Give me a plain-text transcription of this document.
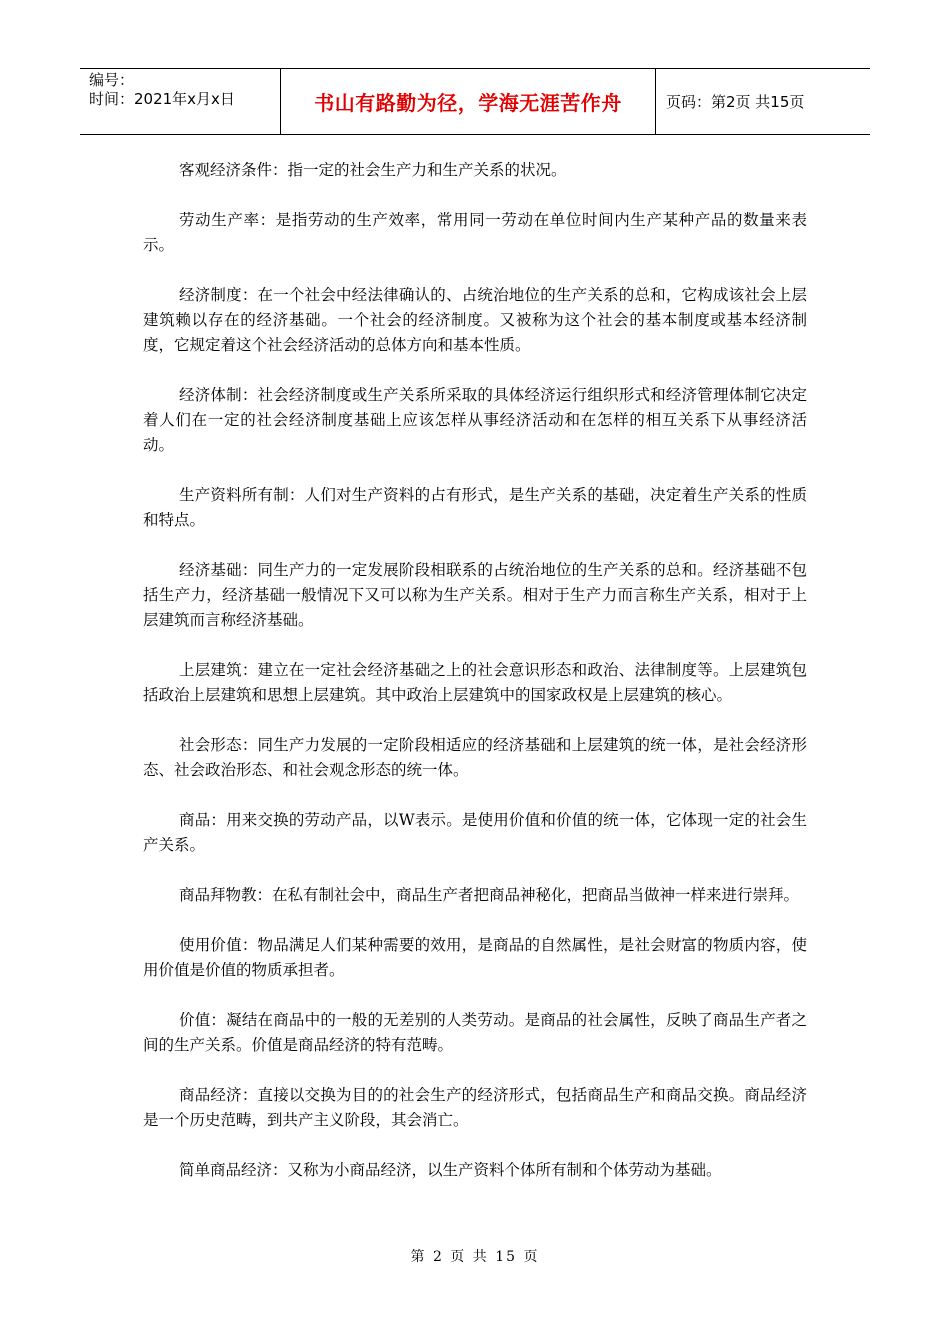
编号：
时间：2021年x月x日	书山有路勤为径，学海无涯苦作舟	页码：第2页 共15页

客观经济条件：指一定的社会生产力和生产关系的状况。

劳动生产率：是指劳动的生产效率，常用同一劳动在单位时间内生产某种产品的数量来表示。

经济制度：在一个社会中经法律确认的、占统治地位的生产关系的总和，它构成该社会上层建筑赖以存在的经济基础。一个社会的经济制度。又被称为这个社会的基本制度或基本经济制度，它规定着这个社会经济活动的总体方向和基本性质。

经济体制：社会经济制度或生产关系所采取的具体经济运行组织形式和经济管理体制它决定着人们在一定的社会经济制度基础上应该怎样从事经济活动和在怎样的相互关系下从事经济活动。

生产资料所有制：人们对生产资料的占有形式，是生产关系的基础，决定着生产关系的性质和特点。

经济基础：同生产力的一定发展阶段相联系的占统治地位的生产关系的总和。经济基础不包括生产力，经济基础一般情况下又可以称为生产关系。相对于生产力而言称生产关系，相对于上层建筑而言称经济基础。

上层建筑：建立在一定社会经济基础之上的社会意识形态和政治、法律制度等。上层建筑包括政治上层建筑和思想上层建筑。其中政治上层建筑中的国家政权是上层建筑的核心。

社会形态：同生产力发展的一定阶段相适应的经济基础和上层建筑的统一体，是社会经济形态、社会政治形态、和社会观念形态的统一体。

商品：用来交换的劳动产品，以W表示。是使用价值和价值的统一体，它体现一定的社会生产关系。

商品拜物教：在私有制社会中，商品生产者把商品神秘化，把商品当做神一样来进行崇拜。

使用价值：物品满足人们某种需要的效用，是商品的自然属性，是社会财富的物质内容，使用价值是价值的物质承担者。

价值：凝结在商品中的一般的无差别的人类劳动。是商品的社会属性，反映了商品生产者之间的生产关系。价值是商品经济的特有范畴。

商品经济：直接以交换为目的的社会生产的经济形式，包括商品生产和商品交换。商品经济是一个历史范畴，到共产主义阶段，其会消亡。

简单商品经济：又称为小商品经济，以生产资料个体所有制和个体劳动为基础。

第 2 页 共 15 页
